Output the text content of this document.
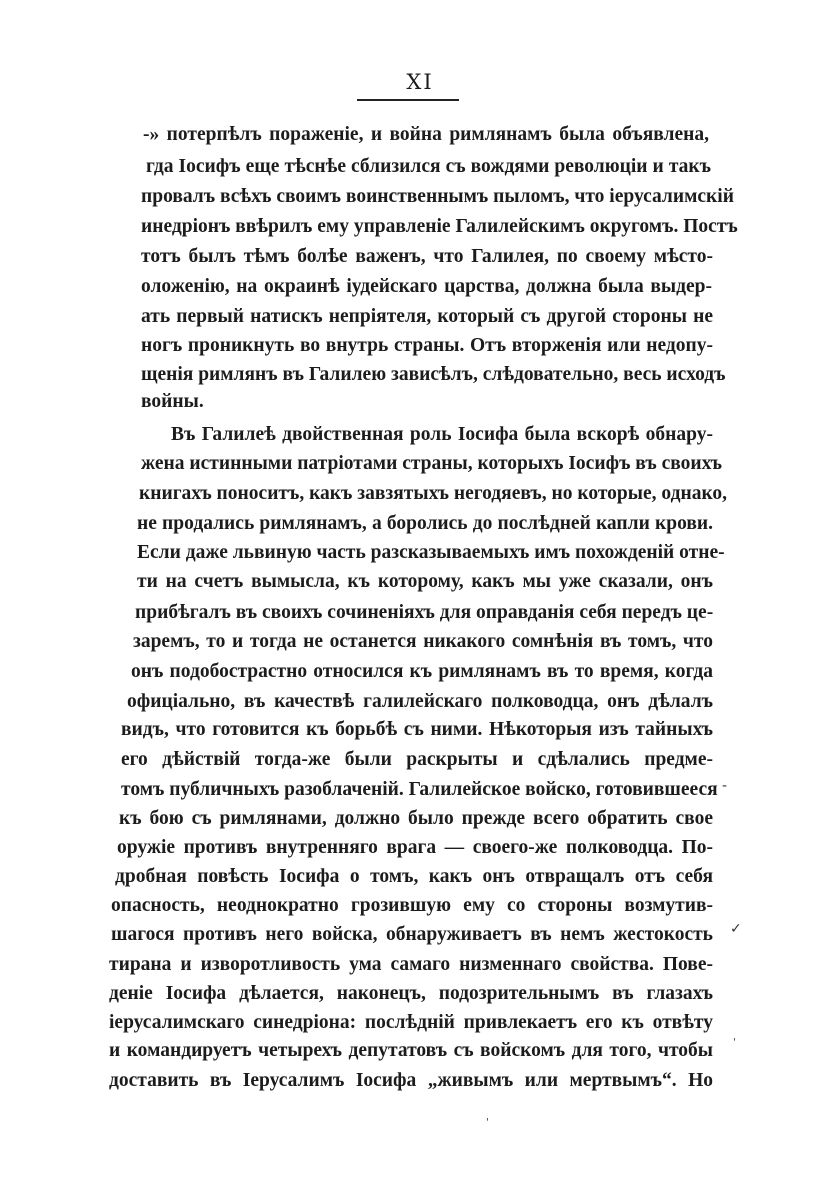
XI
-» потерпѣлъ пораженіе, и война римлянамъ была объявлена,
гда Іосифъ еще тѣснѣе сблизился съ вождями революціи и такъ
провалъ всѣхъ своимъ воинственнымъ пыломъ, что іерусалимскій
инедріонъ ввѣрилъ ему управленіе Галилейскимъ округомъ. Постъ
тотъ былъ тѣмъ болѣе важенъ, что Галилея, по своему мѣсто-
оложенію, на окраинѣ іудейскаго царства, должна была выдер-
ать первый натискъ непріятеля, который съ другой стороны не
ногъ проникнуть во внутрь страны. Отъ вторженія или недопу-
щенія римлянъ въ Галилею зависѣлъ, слѣдовательно, весь исходъ
войны.
Въ Галилеѣ двойственная роль Іосифа была вскорѣ обнару-
жена истинными патріотами страны, которыхъ Іосифъ въ своихъ
книгахъ поноситъ, какъ завзятыхъ негодяевъ, но которые, однако,
не продались римлянамъ, а боролись до послѣдней капли крови.
Если даже львиную часть разсказываемыхъ имъ похожденій отне-
ти на счетъ вымысла, къ которому, какъ мы уже сказали, онъ
прибѣгалъ въ своихъ сочиненіяхъ для оправданія себя передъ це-
зaремъ, то и тогда не останется никакого сомнѣнія въ томъ, что
онъ подобострастно относился къ римлянамъ въ то время, когда
офиціально, въ качествѣ галилейскаго полководца, онъ дѣлалъ
видъ, что готовится къ борьбѣ съ ними. Нѣкоторыя изъ тайныхъ
его дѣйствій тогда-же были раскрыты и сдѣлались предме-
томъ публичныхъ разоблаченій. Галилейское войско, готовившееся
къ бою съ римлянами, должно было прежде всего обратить свое
оружіе противъ внутренняго врага — своего-же полководца. По-
дробная повѣсть Іосифа о томъ, какъ онъ отвращалъ отъ себя
опасность, неоднократно грозившую ему со стороны возмутив-
шагося противъ него войска, обнаруживаетъ въ немъ жестокость
тирана и изворотливость ума самаго низменнаго свойства. Пове-
деніе Іосифа дѣлается, наконецъ, подозрительнымъ въ глазахъ
іерусалимскаго синедріона: послѣдній привлекаетъ его къ отвѣту
и командируетъ четырехъ депутатовъ съ войскомъ для того, чтобы
доставить въ Іерусалимъ Іосифа „живымъ или мертвымъ“. Но
-
✓
'
'
